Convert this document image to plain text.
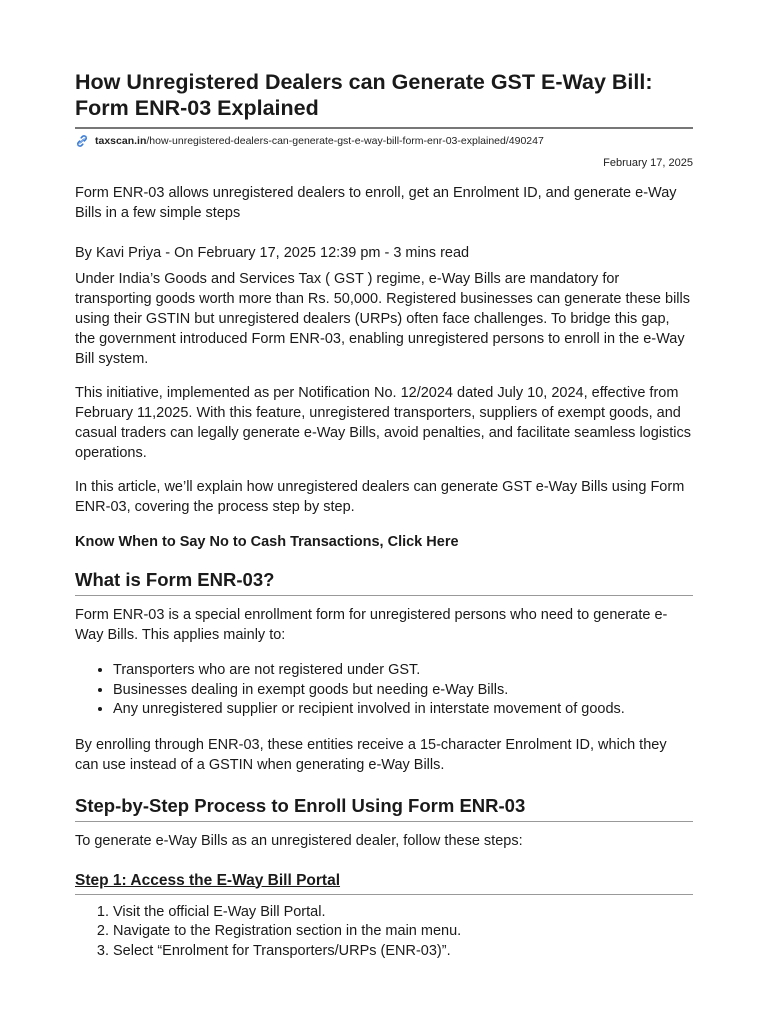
How Unregistered Dealers can Generate GST E-Way Bill: Form ENR-03 Explained
taxscan.in /how-unregistered-dealers-can-generate-gst-e-way-bill-form-enr-03-explained/490247
February 17, 2025

Form ENR-03 allows unregistered dealers to enroll, get an Enrolment ID, and generate e-Way Bills in a few simple steps

By Kavi Priya - On February 17, 2025 12:39 pm - 3 mins read

Under India’s Goods and Services Tax ( GST ) regime, e-Way Bills are mandatory for transporting goods worth more than Rs. 50,000. Registered businesses can generate these bills using their GSTIN but unregistered dealers (URPs) often face challenges. To bridge this gap, the government introduced Form ENR-03, enabling unregistered persons to enroll in the e-Way Bill system.

This initiative, implemented as per Notification No. 12/2024 dated July 10, 2024, effective from February 11,2025. With this feature, unregistered transporters, suppliers of exempt goods, and casual traders can legally generate e-Way Bills, avoid penalties, and facilitate seamless logistics operations.

In this article, we’ll explain how unregistered dealers can generate GST e-Way Bills using Form ENR-03, covering the process step by step.

Know When to Say No to Cash Transactions, Click Here

What is Form ENR-03?

Form ENR-03 is a special enrollment form for unregistered persons who need to generate e-Way Bills. This applies mainly to:

• Transporters who are not registered under GST.
• Businesses dealing in exempt goods but needing e-Way Bills.
• Any unregistered supplier or recipient involved in interstate movement of goods.

By enrolling through ENR-03, these entities receive a 15-character Enrolment ID, which they can use instead of a GSTIN when generating e-Way Bills.

Step-by-Step Process to Enroll Using Form ENR-03

To generate e-Way Bills as an unregistered dealer, follow these steps:

Step 1: Access the E-Way Bill Portal
1. Visit the official E-Way Bill Portal.
2. Navigate to the Registration section in the main menu.
3. Select “Enrolment for Transporters/URPs (ENR-03)”.
